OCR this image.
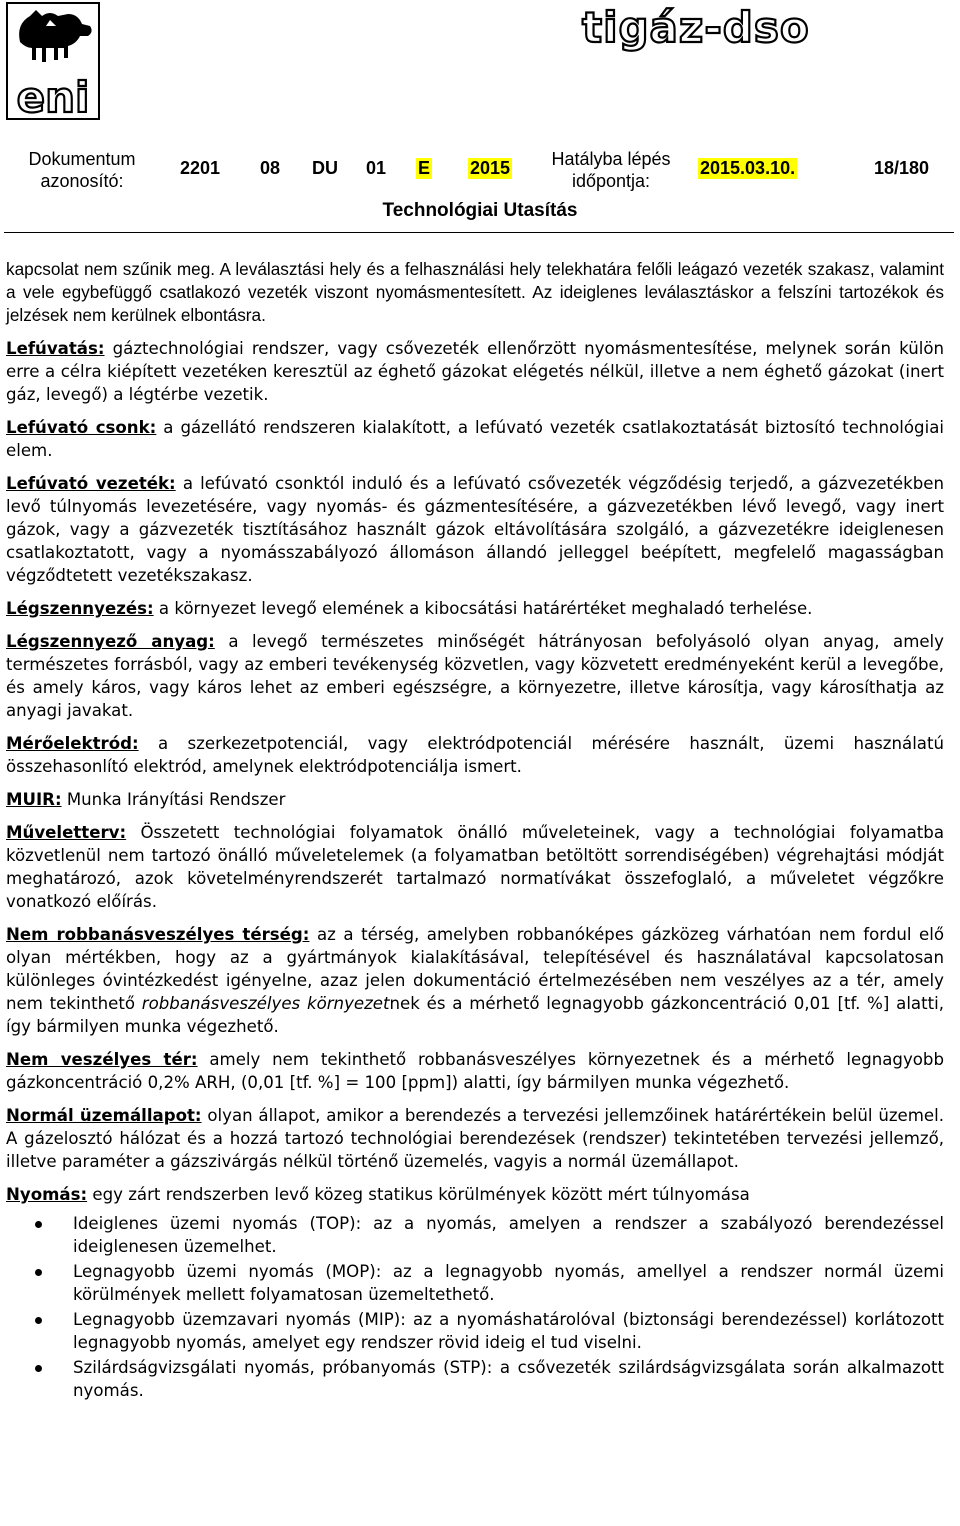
eni
tigáz-dso
Dokumentum azonosító:
2201 08 DU 01 E 2015	Hatályba lépés időpontja:
2015.03.10.	18/180
Technológiai Utasítás

kapcsolat nem szűnik meg. A leválasztási hely és a felhasználási hely telekhatára felőli leágazó vezeték szakasz, valamint a vele egybefüggő csatlakozó vezeték viszont nyomásmentesített. Az ideiglenes leválasztáskor a felszíni tartozékok és jelzések nem kerülnek elbontásra.

Lefúvatás: gáztechnológiai rendszer, vagy csővezeték ellenőrzött nyomásmentesítése, melynek során külön erre a célra kiépített vezetéken keresztül az éghető gázokat elégetés nélkül, illetve a nem éghető gázokat (inert gáz, levegő) a légtérbe vezetik.

Lefúvató csonk: a gázellátó rendszeren kialakított, a lefúvató vezeték csatlakoztatását biztosító technológiai elem.

Lefúvató vezeték: a lefúvató csonktól induló és a lefúvató csővezeték végződésig terjedő, a gázvezetékben levő túlnyomás levezetésére, vagy nyomás- és gázmentesítésére, a gázvezetékben lévő levegő, vagy inert gázok, vagy a gázvezeték tisztításához használt gázok eltávolítására szolgáló, a gázvezetékre ideiglenesen csatlakoztatott, vagy a nyomásszabályozó állomáson állandó jelleggel beépített, megfelelő magasságban végződtetett vezetékszakasz.

Légszennyezés: a környezet levegő elemének a kibocsátási határértéket meghaladó terhelése.

Légszennyező anyag: a levegő természetes minőségét hátrányosan befolyásoló olyan anyag, amely természetes forrásból, vagy az emberi tevékenység közvetlen, vagy közvetett eredményeként kerül a levegőbe, és amely káros, vagy káros lehet az emberi egészségre, a környezetre, illetve károsítja, vagy károsíthatja az anyagi javakat.

Mérőelektród: a szerkezetpotenciál, vagy elektródpotenciál mérésére használt, üzemi használatú összehasonlító elektród, amelynek elektródpotenciálja ismert.

MUIR: Munka Irányítási Rendszer

Műveletterv: Összetett technológiai folyamatok önálló műveleteinek, vagy a technológiai folyamatba közvetlenül nem tartozó önálló műveletelemek (a folyamatban betöltött sorrendiségében) végrehajtási módját meghatározó, azok követelményrendszerét tartalmazó normatívákat összefoglaló, a műveletet végzőkre vonatkozó előírás.

Nem robbanásveszélyes térség: az a térség, amelyben robbanóképes gázközeg várhatóan nem fordul elő olyan mértékben, hogy az a gyártmányok kialakításával, telepítésével és használatával kapcsolatosan különleges óvintézkedést igényelne, azaz jelen dokumentáció értelmezésében nem veszélyes az a tér, amely nem tekinthető robbanásveszélyes környezetnek és a mérhető legnagyobb gázkoncentráció 0,01 [tf. %] alatti, így bármilyen munka végezhető.

Nem veszélyes tér: amely nem tekinthető robbanásveszélyes környezetnek és a mérhető legnagyobb gázkoncentráció 0,2% ARH, (0,01 [tf. %] = 100 [ppm]) alatti, így bármilyen munka végezhető.

Normál üzemállapot: olyan állapot, amikor a berendezés a tervezési jellemzőinek határértékein belül üzemel. A gázelosztó hálózat és a hozzá tartozó technológiai berendezések (rendszer) tekintetében tervezési jellemző, illetve paraméter a gázszivárgás nélkül történő üzemelés, vagyis a normál üzemállapot.

Nyomás: egy zárt rendszerben levő közeg statikus körülmények között mért túlnyomása

Ideiglenes üzemi nyomás (TOP): az a nyomás, amelyen a rendszer a szabályozó berendezéssel ideiglenesen üzemelhet.
Legnagyobb üzemi nyomás (MOP): az a legnagyobb nyomás, amellyel a rendszer normál üzemi körülmények mellett folyamatosan üzemeltethető.
Legnagyobb üzemzavari nyomás (MIP): az a nyomáshatárolóval (biztonsági berendezéssel) korlátozott legnagyobb nyomás, amelyet egy rendszer rövid ideig el tud viselni.
Szilárdságvizsgálati nyomás, próbanyomás (STP): a csővezeték szilárdságvizsgálata során alkalmazott nyomás.
